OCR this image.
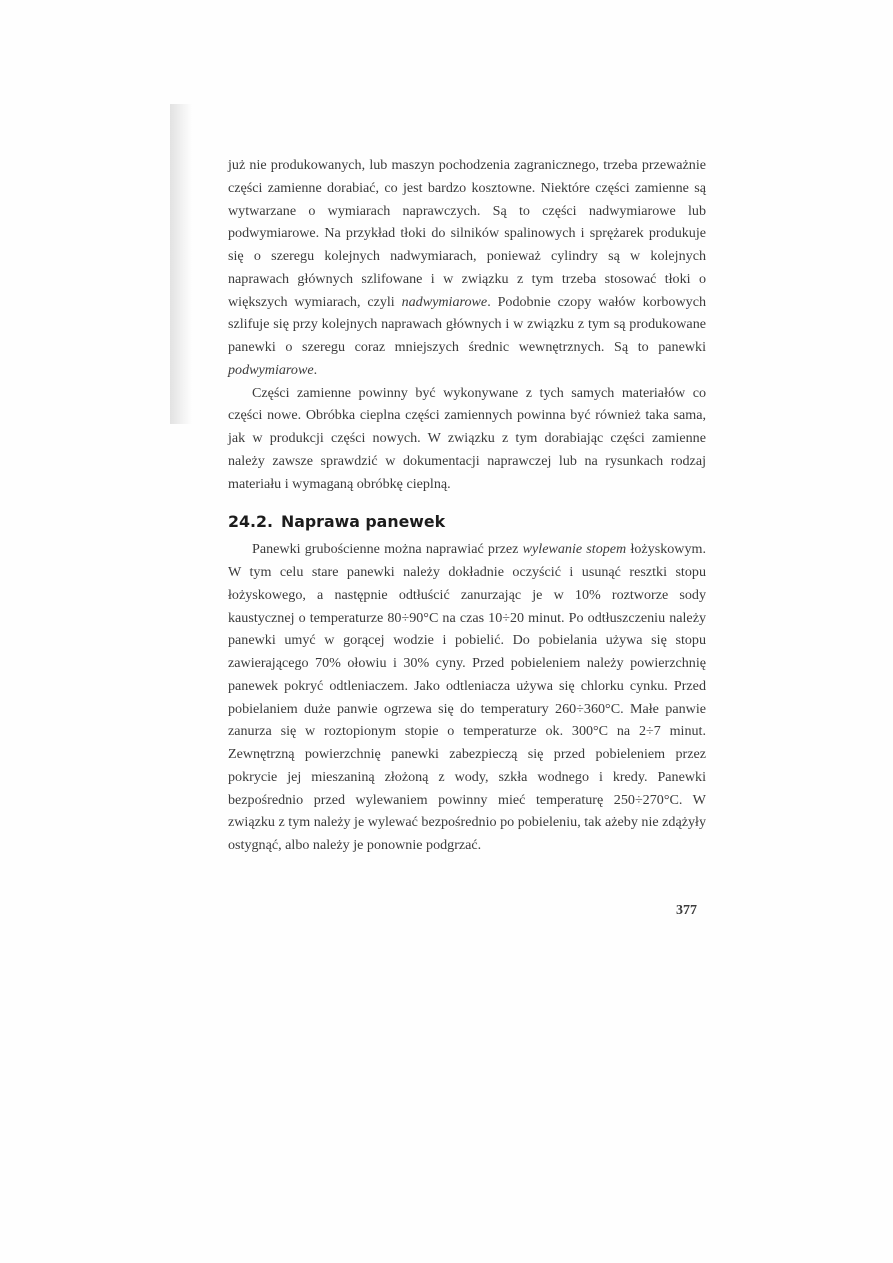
już nie produkowanych, lub maszyn pochodzenia zagranicznego, trzeba przeważnie części zamienne dorabiać, co jest bardzo kosztowne. Niektóre części zamienne są wytwarzane o wymiarach naprawczych. Są to części nadwymiarowe lub podwymiarowe. Na przykład tłoki do silników spalinowych i sprężarek produkuje się o szeregu kolejnych nadwymiarach, ponieważ cylindry są w kolejnych naprawach głównych szlifowane i w związku z tym trzeba stosować tłoki o większych wymiarach, czyli nadwymiarowe. Podobnie czopy wałów korbowych szlifuje się przy kolejnych naprawach głównych i w związku z tym są produkowane panewki o szeregu coraz mniejszych średnic wewnętrznych. Są to panewki podwymiarowe.

Części zamienne powinny być wykonywane z tych samych materiałów co części nowe. Obróbka cieplna części zamiennych powinna być również taka sama, jak w produkcji części nowych. W związku z tym dorabiając części zamienne należy zawsze sprawdzić w dokumentacji naprawczej lub na rysunkach rodzaj materiału i wymaganą obróbkę cieplną.

24.2. Naprawa panewek

Panewki grubościenne można naprawiać przez wylewanie stopem łożyskowym. W tym celu stare panewki należy dokładnie oczyścić i usunąć resztki stopu łożyskowego, a następnie odtłuścić zanurzając je w 10% roztworze sody kaustycznej o temperaturze 80÷90°C na czas 10÷20 minut. Po odtłuszczeniu należy panewki umyć w gorącej wodzie i pobielić. Do pobielania używa się stopu zawierającego 70% ołowiu i 30% cyny. Przed pobieleniem należy powierzchnię panewek pokryć odtleniaczem. Jako odtleniacza używa się chlorku cynku. Przed pobielaniem duże panwie ogrzewa się do temperatury 260÷360°C. Małe panwie zanurza się w roztopionym stopie o temperaturze ok. 300°C na 2÷7 minut. Zewnętrzną powierzchnię panewki zabezpieczą się przed pobieleniem przez pokrycie jej mieszaniną złożoną z wody, szkła wodnego i kredy. Panewki bezpośrednio przed wylewaniem powinny mieć temperaturę 250÷270°C. W związku z tym należy je wylewać bezpośrednio po pobieleniu, tak ażeby nie zdążyły ostygnąć, albo należy je ponownie podgrzać.

377
